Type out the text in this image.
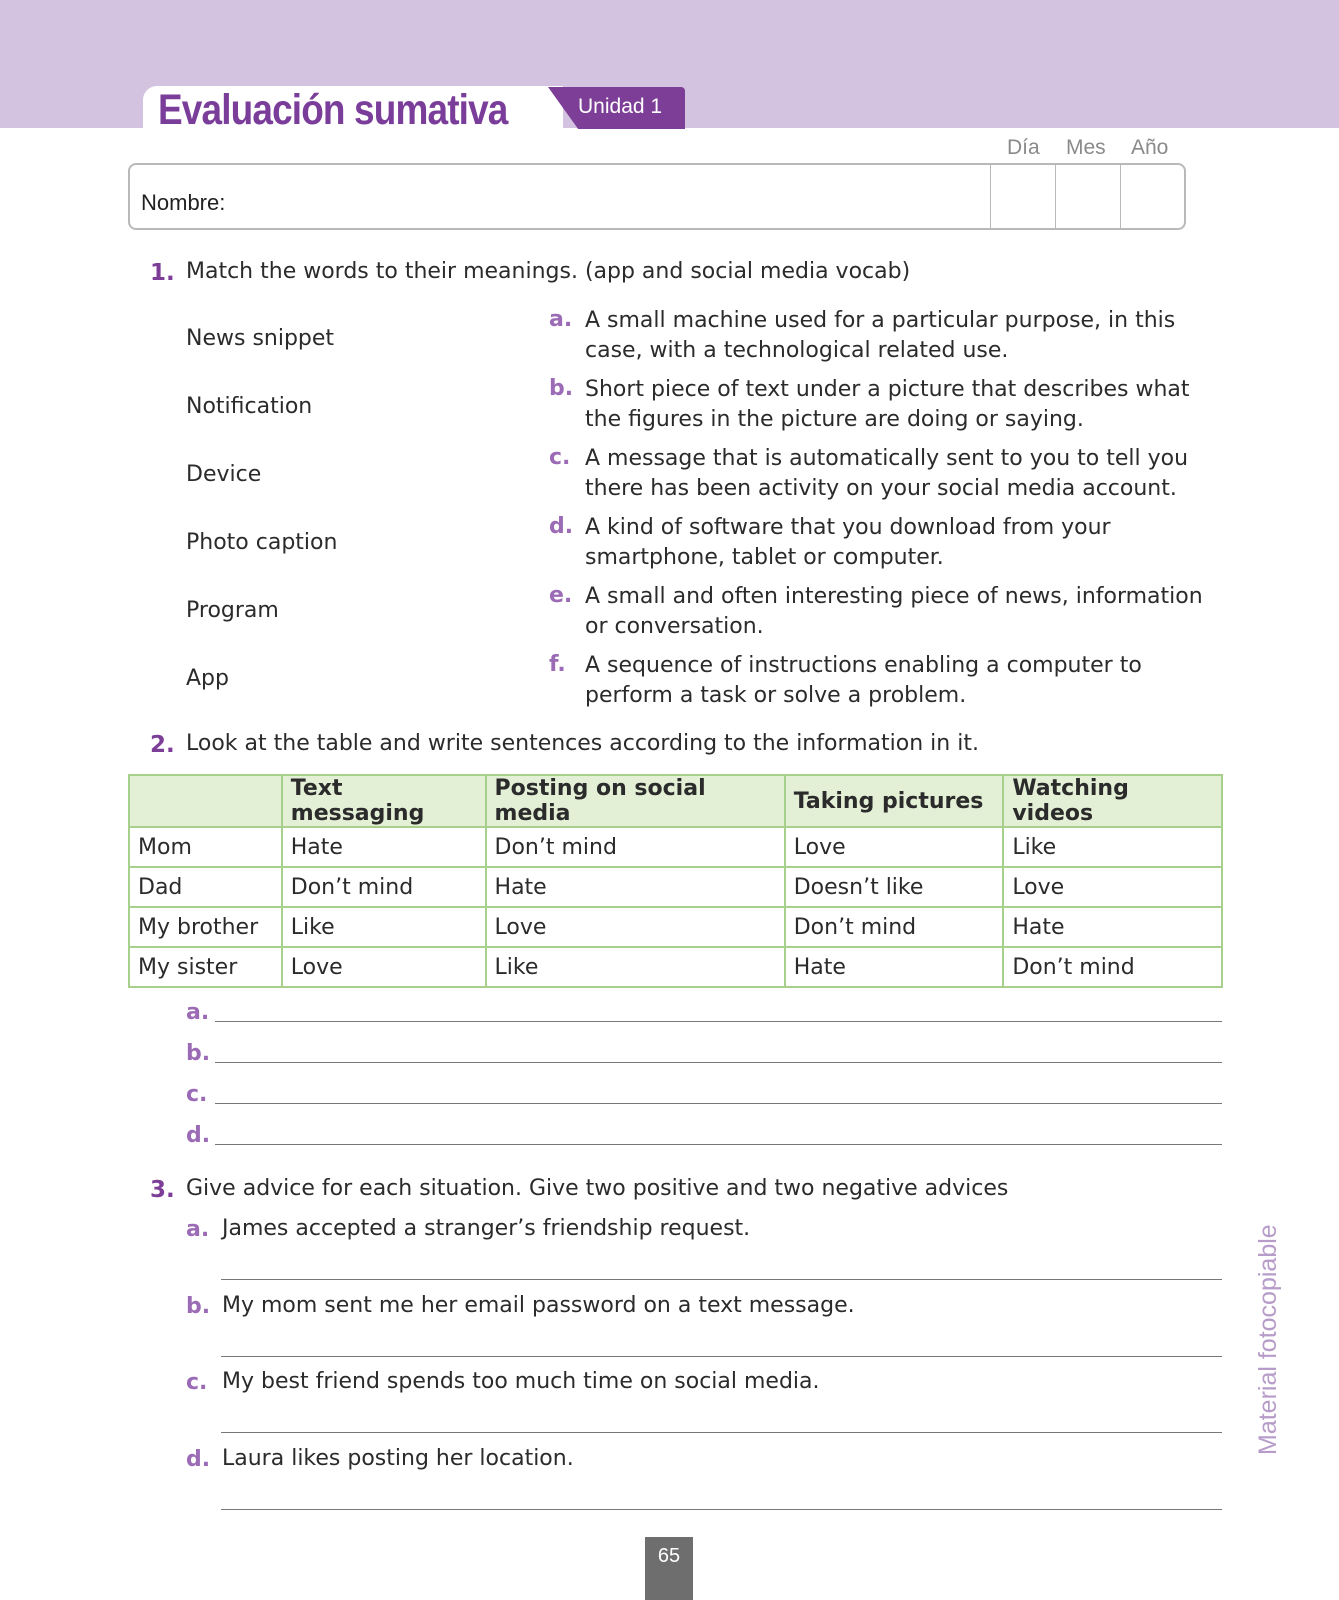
Evaluación sumativa	Unidad 1
Día Mes Año
Nombre:
1. Match the words to their meanings. (app and social media vocab)
News snippet
Notification
Device
Photo caption
Program
App
a. A small machine used for a particular purpose, in this case, with a technological related use.
b. Short piece of text under a picture that describes what the figures in the picture are doing or saying.
c. A message that is automatically sent to you to tell you there has been activity on your social media account.
d. A kind of software that you download from your smartphone, tablet or computer.
e. A small and often interesting piece of news, information or conversation.
f. A sequence of instructions enabling a computer to perform a task or solve a problem.
2. Look at the table and write sentences according to the information in it.
	Text messaging	Posting on social media	Taking pictures	Watching videos
Mom	Hate	Don’t mind	Love	Like
Dad	Don’t mind	Hate	Doesn’t like	Love
My brother	Like	Love	Don’t mind	Hate
My sister	Love	Like	Hate	Don’t mind
a.
b.
c.
d.
3. Give advice for each situation. Give two positive and two negative advices
a. James accepted a stranger’s friendship request.
b. My mom sent me her email password on a text message.
c. My best friend spends too much time on social media.
d. Laura likes posting her location.
Material fotocopiable
65
